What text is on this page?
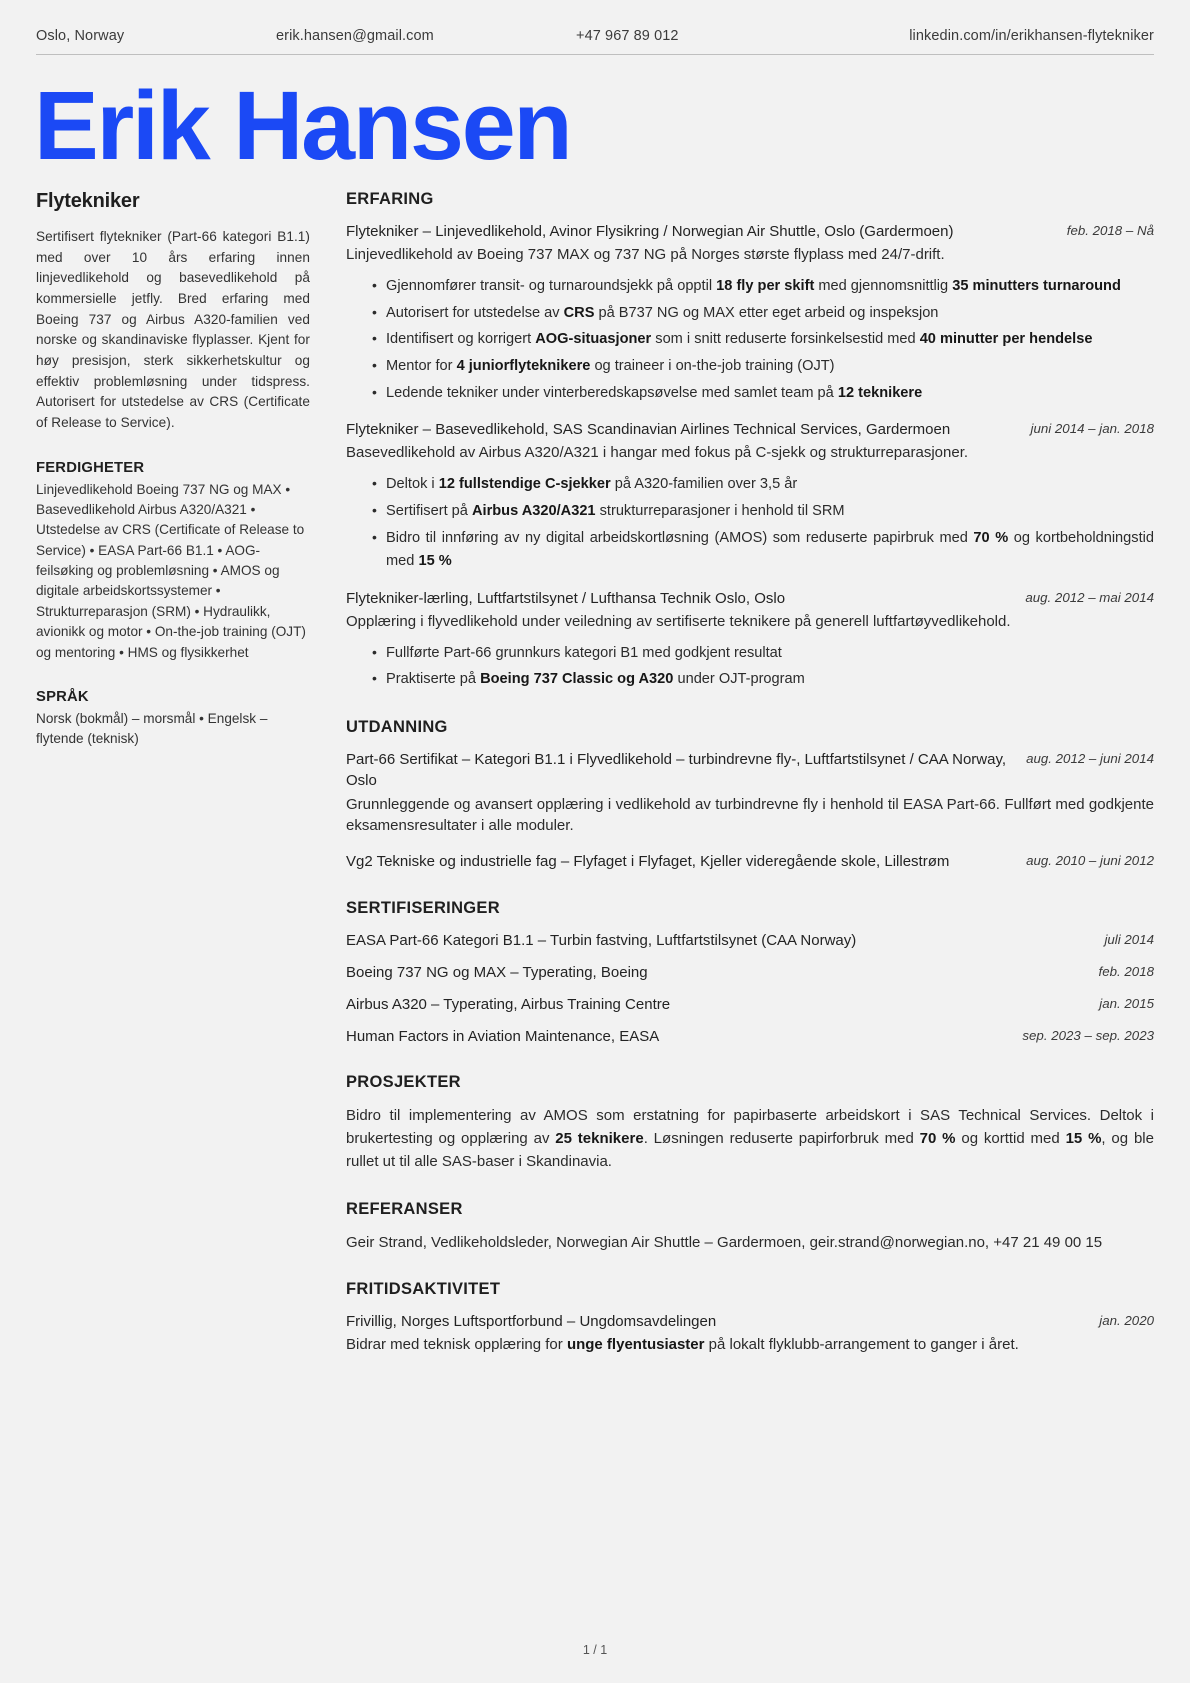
Oslo, Norway	erik.hansen@gmail.com	+47 967 89 012	linkedin.com/in/erikhansen-flytekniker
Erik Hansen
Flytekniker
Sertifisert flytekniker (Part-66 kategori B1.1) med over 10 års erfaring innen linjevedlikehold og basevedlikehold på kommersielle jetfly. Bred erfaring med Boeing 737 og Airbus A320-familien ved norske og skandinaviske flyplasser. Kjent for høy presisjon, sterk sikkerhetskultur og effektiv problemløsning under tidspress. Autorisert for utstedelse av CRS (Certificate of Release to Service).
FERDIGHETER
Linjevedlikehold Boeing 737 NG og MAX • Basevedlikehold Airbus A320/A321 • Utstedelse av CRS (Certificate of Release to Service) • EASA Part-66 B1.1 • AOG-feilsøking og problemløsning • AMOS og digitale arbeidskortssystemer • Strukturreparasjon (SRM) • Hydraulikk, avionikk og motor • On-the-job training (OJT) og mentoring • HMS og flysikkerhet
SPRÅK
Norsk (bokmål) – morsmål • Engelsk – flytende (teknisk)
ERFARING
Flytekniker – Linjevedlikehold, Avinor Flysikring / Norwegian Air Shuttle, Oslo (Gardermoen)	feb. 2018 – Nå
Linjevedlikehold av Boeing 737 MAX og 737 NG på Norges største flyplass med 24/7-drift.
• Gjennomfører transit- og turnaroundsjekk på opptil 18 fly per skift med gjennomsnittlig 35 minutters turnaround
• Autorisert for utstedelse av CRS på B737 NG og MAX etter eget arbeid og inspeksjon
• Identifisert og korrigert AOG-situasjoner som i snitt reduserte forsinkelsestid med 40 minutter per hendelse
• Mentor for 4 juniorflyteknikere og traineer i on-the-job training (OJT)
• Ledende tekniker under vinterberedskapsøvelse med samlet team på 12 teknikere
Flytekniker – Basevedlikehold, SAS Scandinavian Airlines Technical Services, Gardermoen	juni 2014 – jan. 2018
Basevedlikehold av Airbus A320/A321 i hangar med fokus på C-sjekk og strukturreparasjoner.
• Deltok i 12 fullstendige C-sjekker på A320-familien over 3,5 år
• Sertifisert på Airbus A320/A321 strukturreparasjoner i henhold til SRM
• Bidro til innføring av ny digital arbeidskortløsning (AMOS) som reduserte papirbruk med 70 % og kortbeholdningstid med 15 %
Flytekniker-lærling, Luftfartstilsynet / Lufthansa Technik Oslo, Oslo	aug. 2012 – mai 2014
Opplæring i flyvedlikehold under veiledning av sertifiserte teknikere på generell luftfartøyvedlikehold.
• Fullførte Part-66 grunnkurs kategori B1 med godkjent resultat
• Praktiserte på Boeing 737 Classic og A320 under OJT-program
UTDANNING
Part-66 Sertifikat – Kategori B1.1 i Flyvedlikehold – turbindrevne fly-, Luftfartstilsynet / CAA Norway, Oslo
aug. 2012 – juni 2014
Grunnleggende og avansert opplæring i vedlikehold av turbindrevne fly i henhold til EASA Part-66. Fullført med godkjente eksamensresultater i alle moduler.
Vg2 Tekniske og industrielle fag – Flyfaget i Flyfaget, Kjeller videregående skole, Lillestrøm	aug. 2010 – juni 2012
SERTIFISERINGER
EASA Part-66 Kategori B1.1 – Turbin fastving, Luftfartstilsynet (CAA Norway)	juli 2014
Boeing 737 NG og MAX – Typerating, Boeing	feb. 2018
Airbus A320 – Typerating, Airbus Training Centre	jan. 2015
Human Factors in Aviation Maintenance, EASA	sep. 2023 – sep. 2023
PROSJEKTER
Bidro til implementering av AMOS som erstatning for papirbaserte arbeidskort i SAS Technical Services. Deltok i brukertesting og opplæring av 25 teknikere. Løsningen reduserte papirforbruk med 70 % og korttid med 15 %, og ble rullet ut til alle SAS-baser i Skandinavia.
REFERANSER
Geir Strand, Vedlikeholdsleder, Norwegian Air Shuttle – Gardermoen, geir.strand@norwegian.no, +47 21 49 00 15
FRITIDSAKTIVITET
Frivillig, Norges Luftsportforbund – Ungdomsavdelingen	jan. 2020
Bidrar med teknisk opplæring for unge flyentusiaster på lokalt flyklubb-arrangement to ganger i året.
1 / 1
